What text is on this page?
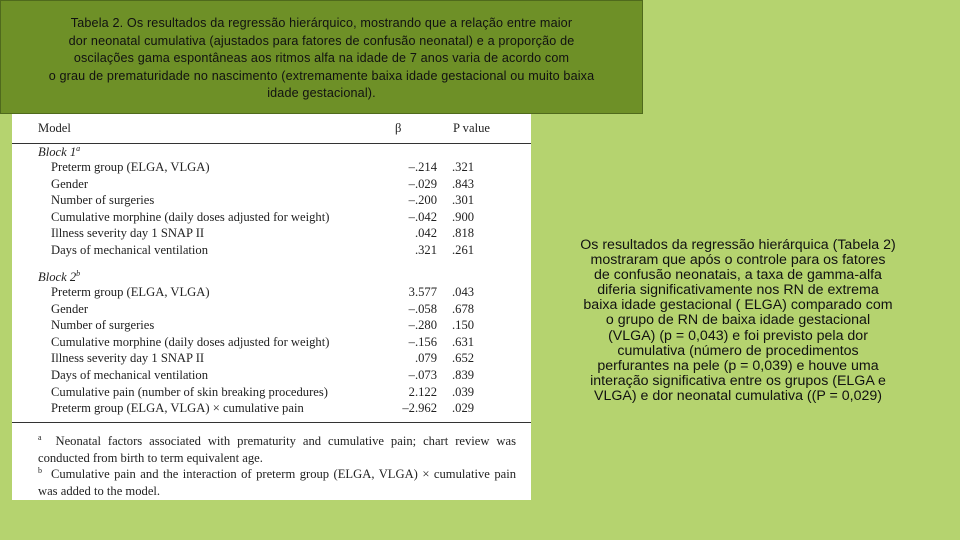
Tabela 2. Os resultados da regressão hierárquico, mostrando que a relação entre maior
dor neonatal cumulativa (ajustados para fatores de confusão neonatal) e a proporção de
oscilações gama espontâneas aos ritmos alfa na idade de 7 anos varia de acordo com
o grau de prematuridade no nascimento (extremamente baixa idade gestacional ou muito baixa
idade gestacional).
Model	β	P value
Block 1$^a$
Preterm group (ELGA, VLGA)	–.214 .321
Gender	–.029 .843
Number of surgeries	–.200 .301
Cumulative morphine (daily doses adjusted for weight)	–.042 .900
Illness severity day 1 SNAP II	.042 .818
Days of mechanical ventilation	.321 .261
Block 2$^b$
Preterm group (ELGA, VLGA)	3.577 .043
Gender	–.058 .678
Number of surgeries	–.280 .150
Cumulative morphine (daily doses adjusted for weight)	–.156 .631
Illness severity day 1 SNAP II	.079 .652
Days of mechanical ventilation	–.073 .839
Cumulative pain (number of skin breaking procedures)	2.122 .039
Preterm group (ELGA, VLGA) × cumulative pain	–2.962 .029
$^a$ Neonatal factors associated with prematurity and cumulative pain; chart review was conducted from birth to term equivalent age.
$^b$ Cumulative pain and the interaction of preterm group (ELGA, VLGA) × cumulative pain was added to the model.
Os resultados da regressão hierárquica (Tabela 2)
mostraram que após o controle para os fatores
de confusão neonatais, a taxa de gamma-alfa
diferia significativamente nos RN de extrema
baixa idade gestacional ( ELGA) comparado com
o grupo de RN de baixa idade gestacional
(VLGA) (p = 0,043) e foi previsto pela dor
cumulativa (número de procedimentos
perfurantes na pele (p = 0,039) e houve uma
interação significativa entre os grupos (ELGA e
VLGA) e dor neonatal cumulativa ((P = 0,029)
